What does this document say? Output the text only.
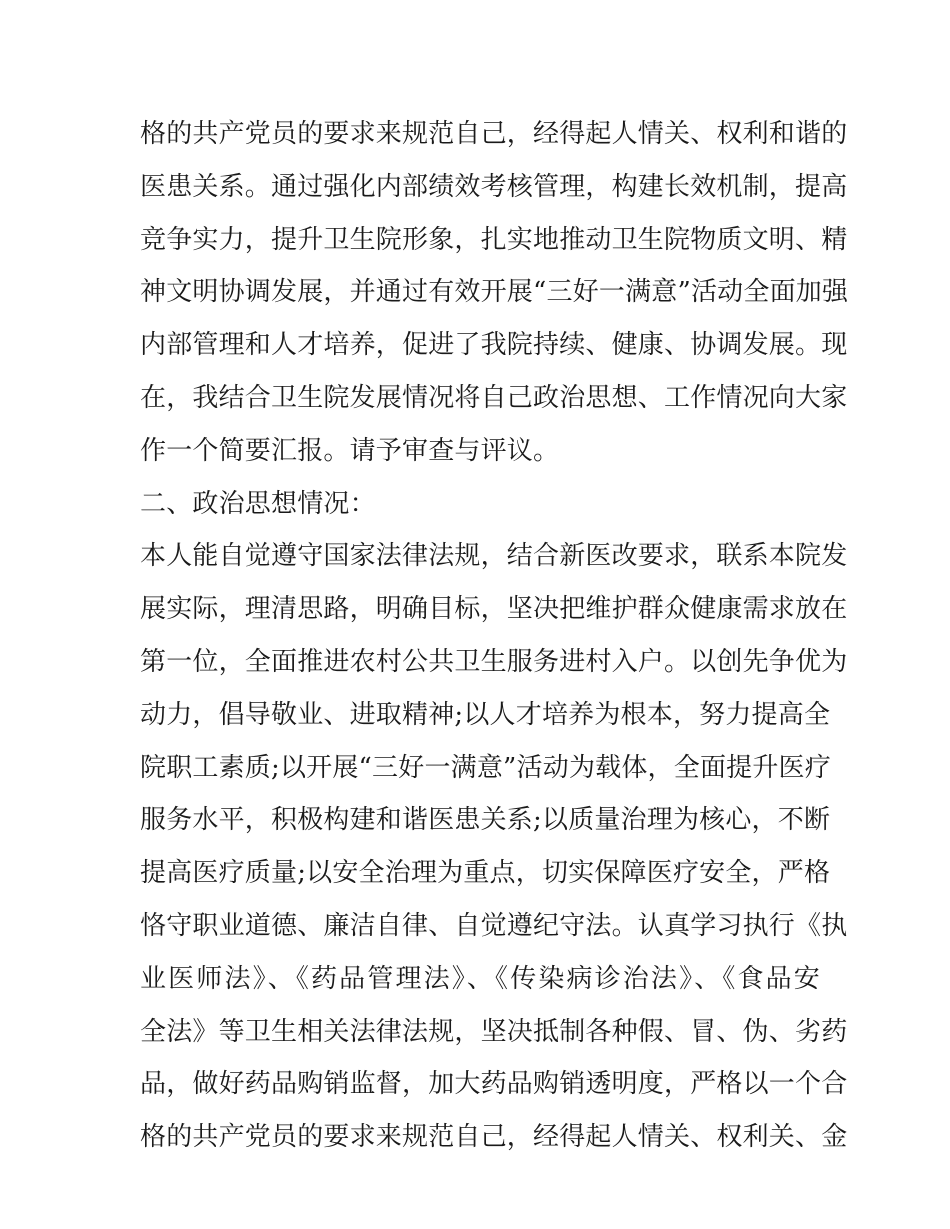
格的共产党员的要求来规范自己，经得起人情关、权利和谐的
医患关系。通过强化内部绩效考核管理，构建长效机制，提高
竞争实力，提升卫生院形象，扎实地推动卫生院物质文明、精
神文明协调发展，并通过有效开展“三好一满意”活动全面加强
内部管理和人才培养，促进了我院持续、健康、协调发展。现
在，我结合卫生院发展情况将自己政治思想、工作情况向大家
作一个简要汇报。请予审查与评议。
二、政治思想情况：
本人能自觉遵守国家法律法规，结合新医改要求，联系本院发
展实际，理清思路，明确目标，坚决把维护群众健康需求放在
第一位，全面推进农村公共卫生服务进村入户。以创先争优为
动力，倡导敬业、进取精神;以人才培养为根本，努力提高全
院职工素质;以开展“三好一满意”活动为载体，全面提升医疗
服务水平，积极构建和谐医患关系;以质量治理为核心，不断
提高医疗质量;以安全治理为重点，切实保障医疗安全，严格
恪守职业道德、廉洁自律、自觉遵纪守法。认真学习执行《执
业医师法》、《药品管理法》、《传染病诊治法》、《食品安
全法》等卫生相关法律法规，坚决抵制各种假、冒、伪、劣药
品，做好药品购销监督，加大药品购销透明度，严格以一个合
格的共产党员的要求来规范自己，经得起人情关、权利关、金
